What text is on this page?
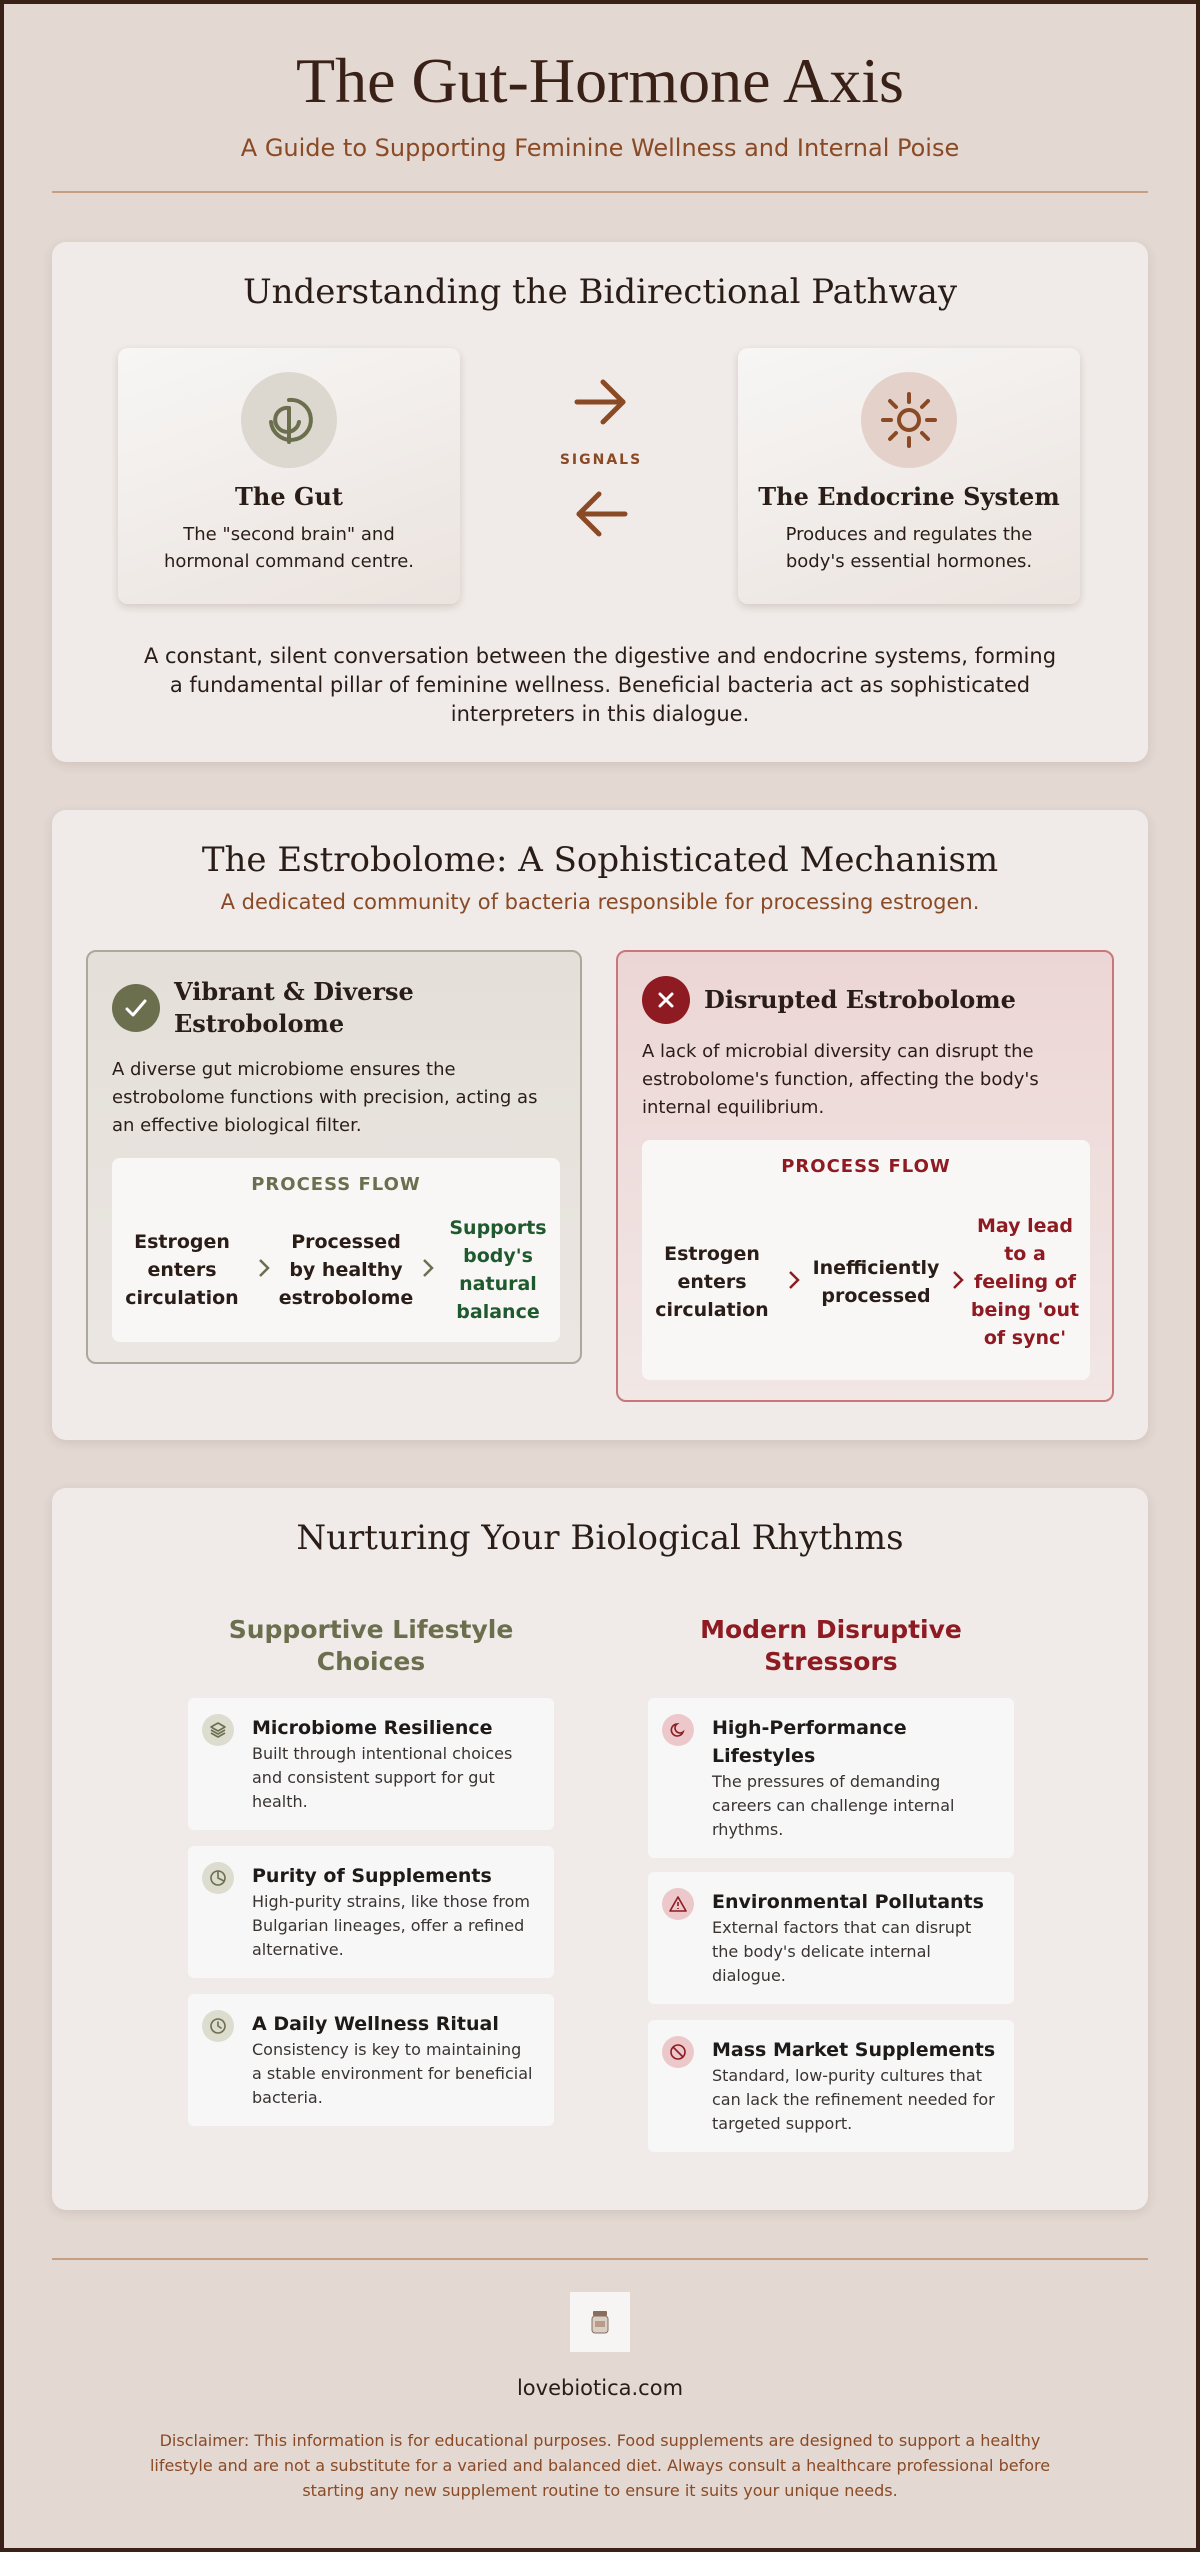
The Gut-Hormone Axis
A Guide to Supporting Feminine Wellness and Internal Poise
Understanding the Bidirectional Pathway
The Gut
The "second brain" and hormonal command centre.
SIGNALS
The Endocrine System
Produces and regulates the body's essential hormones.
A constant, silent conversation between the digestive and endocrine systems, forming a fundamental pillar of feminine wellness. Beneficial bacteria act as sophisticated interpreters in this dialogue.
The Estrobolome: A Sophisticated Mechanism
A dedicated community of bacteria responsible for processing estrogen.
Vibrant & Diverse Estrobolome
A diverse gut microbiome ensures the estrobolome functions with precision, acting as an effective biological filter.
PROCESS FLOW
Estrogen enters circulation
Processed by healthy estrobolome
Supports body's natural balance
Disrupted Estrobolome
A lack of microbial diversity can disrupt the estrobolome's function, affecting the body's internal equilibrium.
PROCESS FLOW
Estrogen enters circulation
Inefficiently processed
May lead to a feeling of being 'out of sync'
Nurturing Your Biological Rhythms
Supportive Lifestyle Choices
Modern Disruptive Stressors
Microbiome Resilience
Built through intentional choices and consistent support for gut health.
Purity of Supplements
High-purity strains, like those from Bulgarian lineages, offer a refined alternative.
A Daily Wellness Ritual
Consistency is key to maintaining a stable environment for beneficial bacteria.
High-Performance Lifestyles
The pressures of demanding careers can challenge internal rhythms.
Environmental Pollutants
External factors that can disrupt the body's delicate internal dialogue.
Mass Market Supplements
Standard, low-purity cultures that can lack the refinement needed for targeted support.
lovebiotica.com
Disclaimer: This information is for educational purposes. Food supplements are designed to support a healthy lifestyle and are not a substitute for a varied and balanced diet. Always consult a healthcare professional before starting any new supplement routine to ensure it suits your unique needs.
